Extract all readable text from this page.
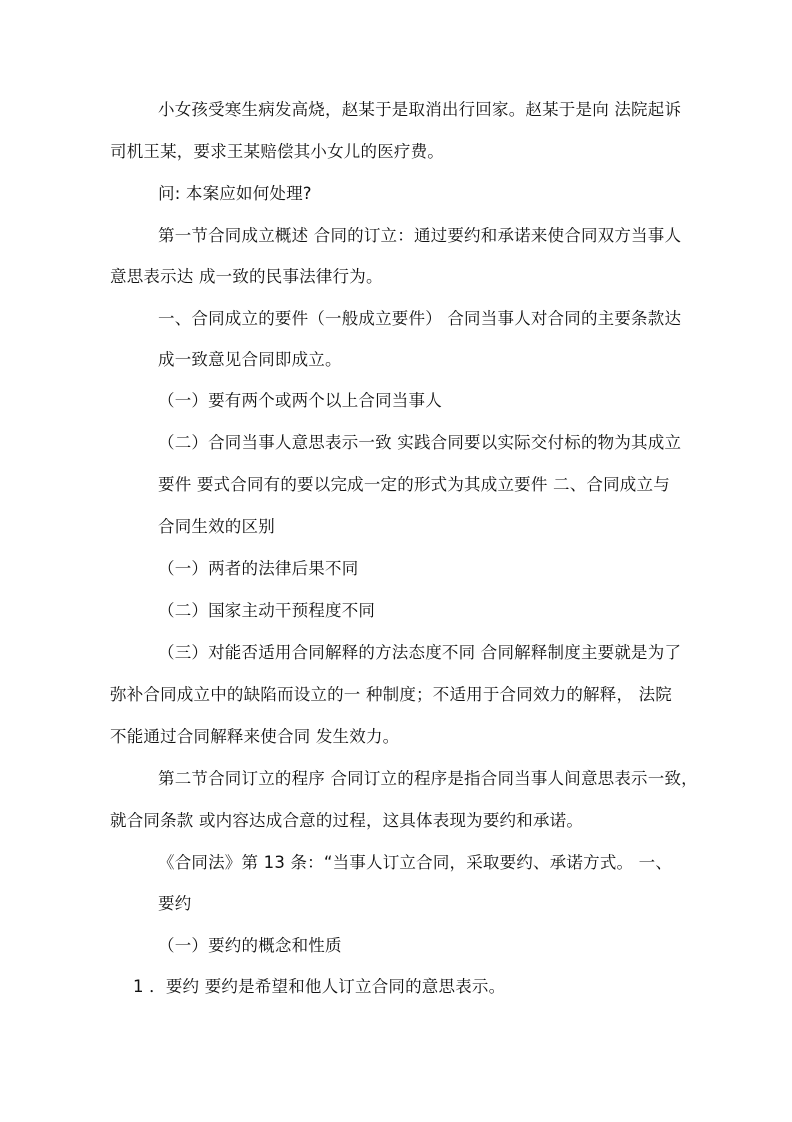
小女孩受寒生病发高烧，赵某于是取消出行回家。赵某于是向 法院起诉
司机王某，要求王某赔偿其小女儿的医疗费。
问: 本案应如何处理?
第一节合同成立概述 合同的订立：通过要约和承诺来使合同双方当事人
意思表示达 成一致的民事法律行为。
一、合同成立的要件（一般成立要件） 合同当事人对合同的主要条款达
成一致意见合同即成立。
（一）要有两个或两个以上合同当事人
（二）合同当事人意思表示一致 实践合同要以实际交付标的物为其成立
要件 要式合同有的要以完成一定的形式为其成立要件 二、合同成立与
合同生效的区别
（一）两者的法律后果不同
（二）国家主动干预程度不同
（三）对能否适用合同解释的方法态度不同 合同解释制度主要就是为了
弥补合同成立中的缺陷而设立的一 种制度；不适用于合同效力的解释， 法院
不能通过合同解释来使合同 发生效力。
第二节合同订立的程序 合同订立的程序是指合同当事人间意思表示一致，
就合同条款 或内容达成合意的过程，这具体表现为要约和承诺。
《合同法》第 13 条：“当事人订立合同，采取要约、承诺方式。 一、
要约
（一）要约的概念和性质
1 ．要约 要约是希望和他人订立合同的意思表示。
